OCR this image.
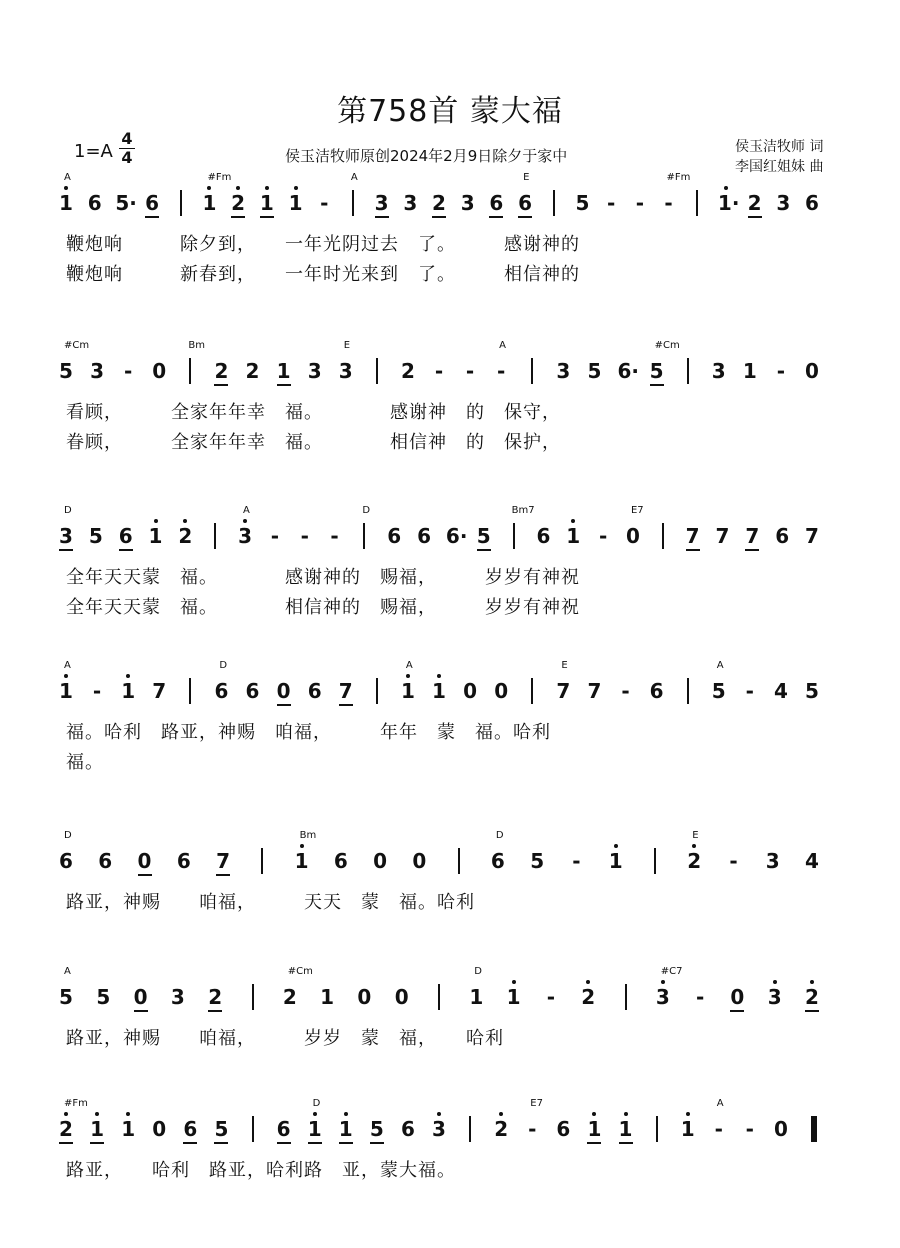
第758首 蒙大福
1=A
4
4	侯玉洁牧师原创2024年2月9日除夕于家中	侯玉洁牧师 词
李国红姐妹 曲
A	#Fm	A	E	#Fm
1 6 5· 6 1 2 1 1 - 3 3 2 3 6 6 5 - - - 1· 2 3 6
鞭炮响　　　除夕到，　　一年光阴过去　了。　　　感谢神的
鞭炮响　　　新春到，　　一年时光来到　了。　　　相信神的
#Cm	Bm	E	A	#Cm
5 3 - 0 2 2 1 3 3 2 - - -	3 5 6· 5 3 1 - 0
看顾，　　　全家年年幸　福。　　　　感谢神　的　保守，
眷顾，　　　全家年年幸　福。　　　　相信神　的　保护，
D	A	D	Bm7	E7
3 5 6 1 2 3 - - - 6 6 6· 5 6 1 - 0 7 7 7 6 7
全年天天蒙　福。　　　　感谢神的　赐福，　　　岁岁有神祝
全年天天蒙　福。　　　　相信神的　赐福，　　　岁岁有神祝
A	D	A	E	A
1 - 1 7 6 6 0 6 7 1 1 0 0 7 7 - 6 5 - 4 5
福。哈利　路亚，神赐　咱福，　　　年年　蒙　福。哈利
福。
D	Bm	D	E
6 6 0 6 7	1 6 0 0	6 5 - 1	2 - 3 4
路亚，神赐　　咱福，　　　天天　蒙　福。哈利
A	#Cm	D	#C7
5 5 0 3 2	2 1 0 0	1 1 - 2	3 - 0 3 2
路亚，神赐　　咱福，　　　岁岁　蒙　福，　　哈利
#Fm	D	E7	A
2 1 1 0 6 5 6 1 1 5 6 3 2 - 6 1 1 1 - - 0
路亚，　　哈利　路亚，哈利路　亚，蒙大福。
